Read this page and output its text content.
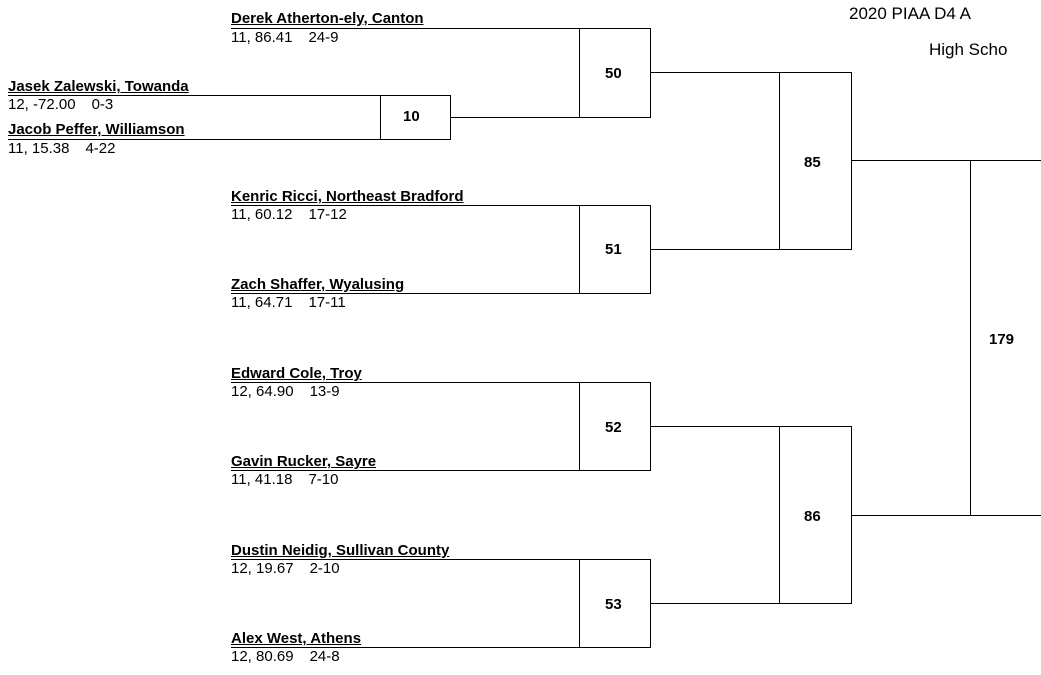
2020 PIAA D4 A
High Scho
Derek Atherton-ely, Canton
11, 86.41 24-9
Jasek Zalewski, Towanda
12, -72.00 0-3
Jacob Peffer, Williamson
11, 15.38 4-22
Kenric Ricci, Northeast Bradford
11, 60.12 17-12
Zach Shaffer, Wyalusing
11, 64.71 17-11
Edward Cole, Troy
12, 64.90 13-9
Gavin Rucker, Sayre
11, 41.18 7-10
Dustin Neidig, Sullivan County
12, 19.67 2-10
Alex West, Athens
12, 80.69 24-8
10
50
51
52
53
85
86
179
